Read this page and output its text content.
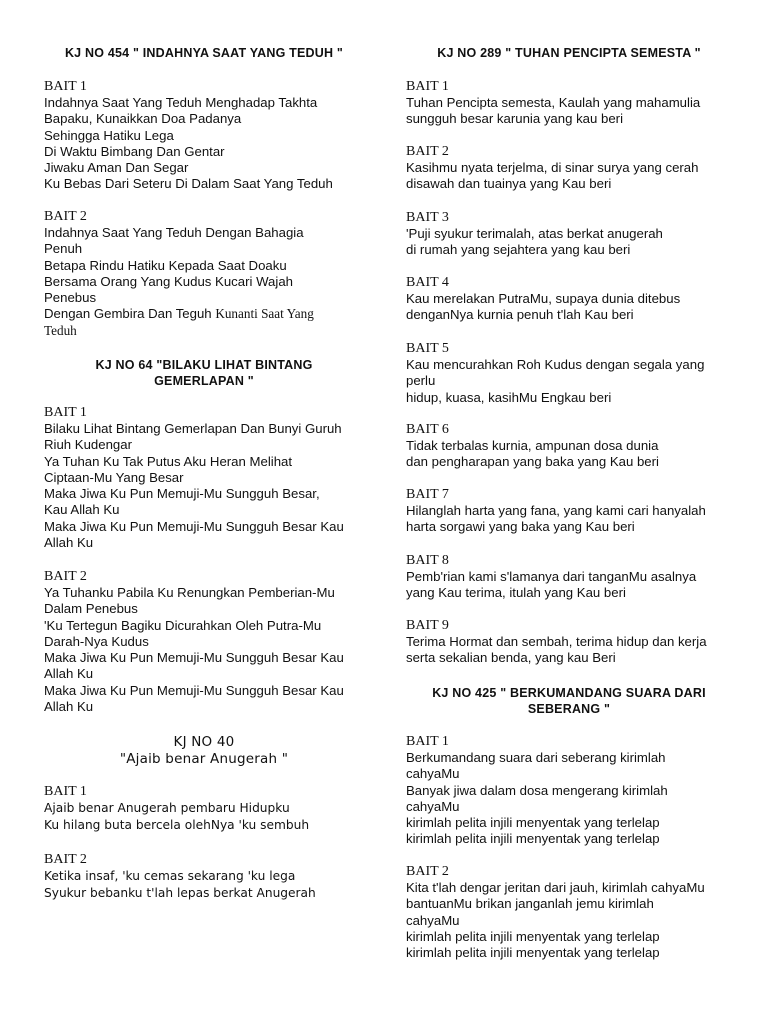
KJ NO 454 " INDAHNYA SAAT YANG TEDUH "

BAIT 1
Indahnya Saat Yang Teduh Menghadap Takhta
Bapaku, Kunaikkan Doa Padanya
Sehingga Hatiku Lega
Di Waktu Bimbang Dan Gentar
Jiwaku Aman Dan Segar
Ku Bebas Dari Seteru Di Dalam Saat Yang Teduh
BAIT 2
Indahnya Saat Yang Teduh Dengan Bahagia
Penuh
Betapa Rindu Hatiku Kepada Saat Doaku
Bersama Orang Yang Kudus Kucari Wajah
Penebus
Dengan Gembira Dan Teguh Kunanti Saat Yang
Teduh

KJ NO 64 "BILAKU LIHAT BINTANG
GEMERLAPAN "

BAIT 1
Bilaku Lihat Bintang Gemerlapan Dan Bunyi Guruh
Riuh Kudengar
Ya Tuhan Ku Tak Putus Aku Heran Melihat
Ciptaan-Mu Yang Besar
Maka Jiwa Ku Pun Memuji-Mu Sungguh Besar,
Kau Allah Ku
Maka Jiwa Ku Pun Memuji-Mu Sungguh Besar Kau
Allah Ku
BAIT 2
Ya Tuhanku Pabila Ku Renungkan Pemberian-Mu
Dalam Penebus
'Ku Tertegun Bagiku Dicurahkan Oleh Putra-Mu
Darah-Nya Kudus
Maka Jiwa Ku Pun Memuji-Mu Sungguh Besar Kau
Allah Ku
Maka Jiwa Ku Pun Memuji-Mu Sungguh Besar Kau
Allah Ku

KJ NO 40
"Ajaib benar Anugerah "

BAIT 1
Ajaib benar Anugerah pembaru Hidupku
Ku hilang buta bercela olehNya 'ku sembuh
BAIT 2
Ketika insaf, 'ku cemas sekarang 'ku lega
Syukur bebanku t'lah lepas berkat Anugerah

KJ NO 289 " TUHAN PENCIPTA SEMESTA "

BAIT 1
Tuhan Pencipta semesta, Kaulah yang mahamulia
sungguh besar karunia yang kau beri
BAIT 2
Kasihmu nyata terjelma, di sinar surya yang cerah
disawah dan tuainya yang Kau beri
BAIT 3
'Puji syukur terimalah, atas berkat anugerah
di rumah yang sejahtera yang kau beri
BAIT 4
Kau merelakan PutraMu, supaya dunia ditebus
denganNya kurnia penuh t'lah Kau beri
BAIT 5
Kau mencurahkan Roh Kudus dengan segala yang
perlu
hidup, kuasa, kasihMu Engkau beri
BAIT 6
Tidak terbalas kurnia, ampunan dosa dunia
dan pengharapan yang baka yang Kau beri
BAIT 7
Hilanglah harta yang fana, yang kami cari hanyalah
harta sorgawi yang baka yang Kau beri
BAIT 8
Pemb'rian kami s'lamanya dari tanganMu asalnya
yang Kau terima, itulah yang Kau beri
BAIT 9
Terima Hormat dan sembah, terima hidup dan kerja
serta sekalian benda, yang kau Beri

KJ NO 425 " BERKUMANDANG SUARA DARI
SEBERANG "

BAIT 1
Berkumandang suara dari seberang kirimlah
cahyaMu
Banyak jiwa dalam dosa mengerang kirimlah
cahyaMu
kirimlah pelita injili menyentak yang terlelap
kirimlah pelita injili menyentak yang terlelap
BAIT 2
Kita t'lah dengar jeritan dari jauh, kirimlah cahyaMu
bantuanMu brikan janganlah jemu kirimlah
cahyaMu
kirimlah pelita injili menyentak yang terlelap
kirimlah pelita injili menyentak yang terlelap
